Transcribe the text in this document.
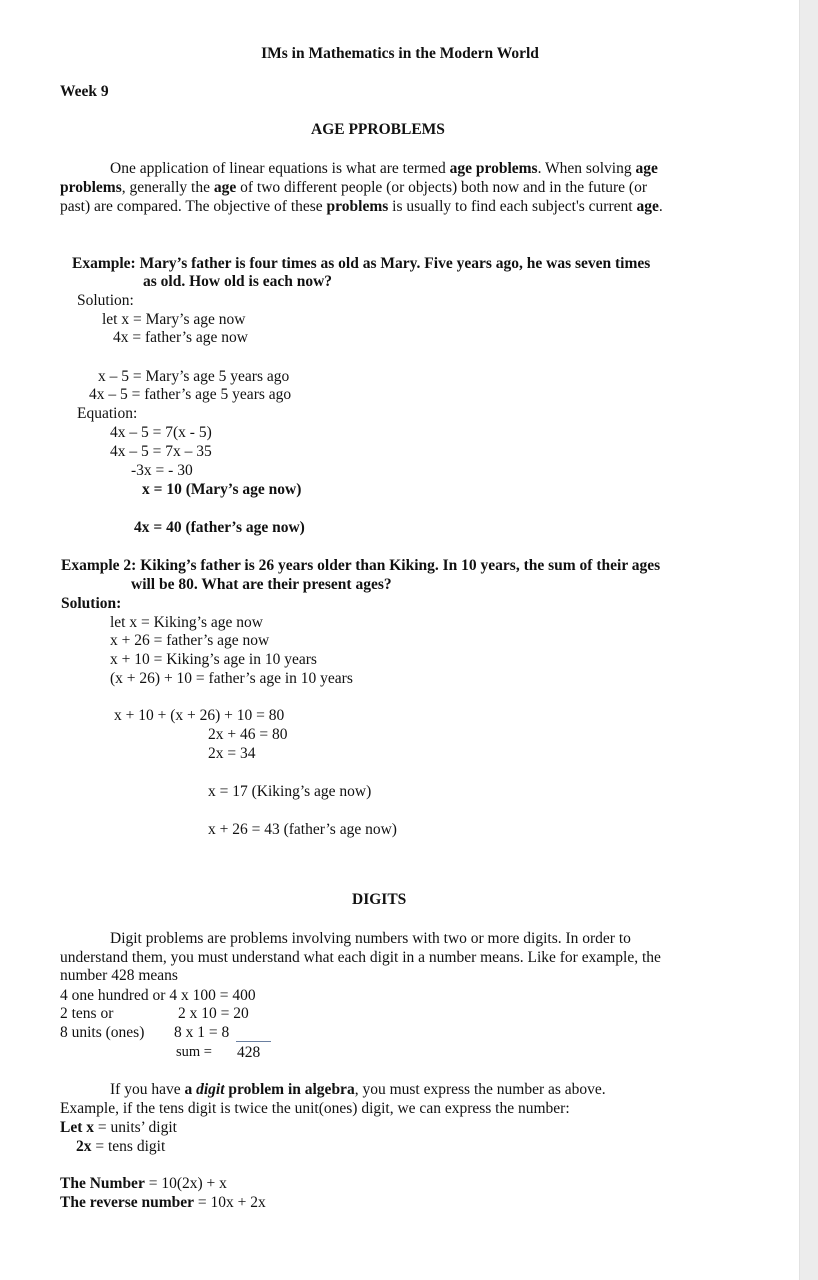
IMs in Mathematics in the Modern World
Week 9
AGE PPROBLEMS
One application of linear equations is what are termed age problems. When solving age
problems, generally the age of two different people (or objects) both now and in the future (or
past) are compared. The objective of these problems is usually to find each subject's current age.
Example: Mary’s father is four times as old as Mary. Five years ago, he was seven times
as old. How old is each now?
Solution:
let x = Mary’s age now
4x = father’s age now
x – 5 = Mary’s age 5 years ago
4x – 5 = father’s age 5 years ago
Equation:
4x – 5 = 7(x - 5)
4x – 5 = 7x – 35
-3x = - 30
x = 10 (Mary’s age now)
4x = 40 (father’s age now)
Example 2: Kiking’s father is 26 years older than Kiking. In 10 years, the sum of their ages
will be 80. What are their present ages?
Solution:
let x = Kiking’s age now
x + 26 = father’s age now
x + 10 = Kiking’s age in 10 years
(x + 26) + 10 = father’s age in 10 years
x + 10 + (x + 26) + 10 = 80
2x + 46 = 80
2x = 34
x = 17 (Kiking’s age now)
x + 26 = 43 (father’s age now)
DIGITS
Digit problems are problems involving numbers with two or more digits. In order to
understand them, you must understand what each digit in a number means. Like for example, the
number 428 means
4 one hundred or 4 x 100 = 400
2 tens or	2 x 10 = 20
8 units (ones) 8 x 1 = 8
sum = 428
If you have a digit problem in algebra, you must express the number as above.
Example, if the tens digit is twice the unit(ones) digit, we can express the number:
Let x = units’ digit
2x = tens digit
The Number = 10(2x) + x
The reverse number = 10x + 2x
